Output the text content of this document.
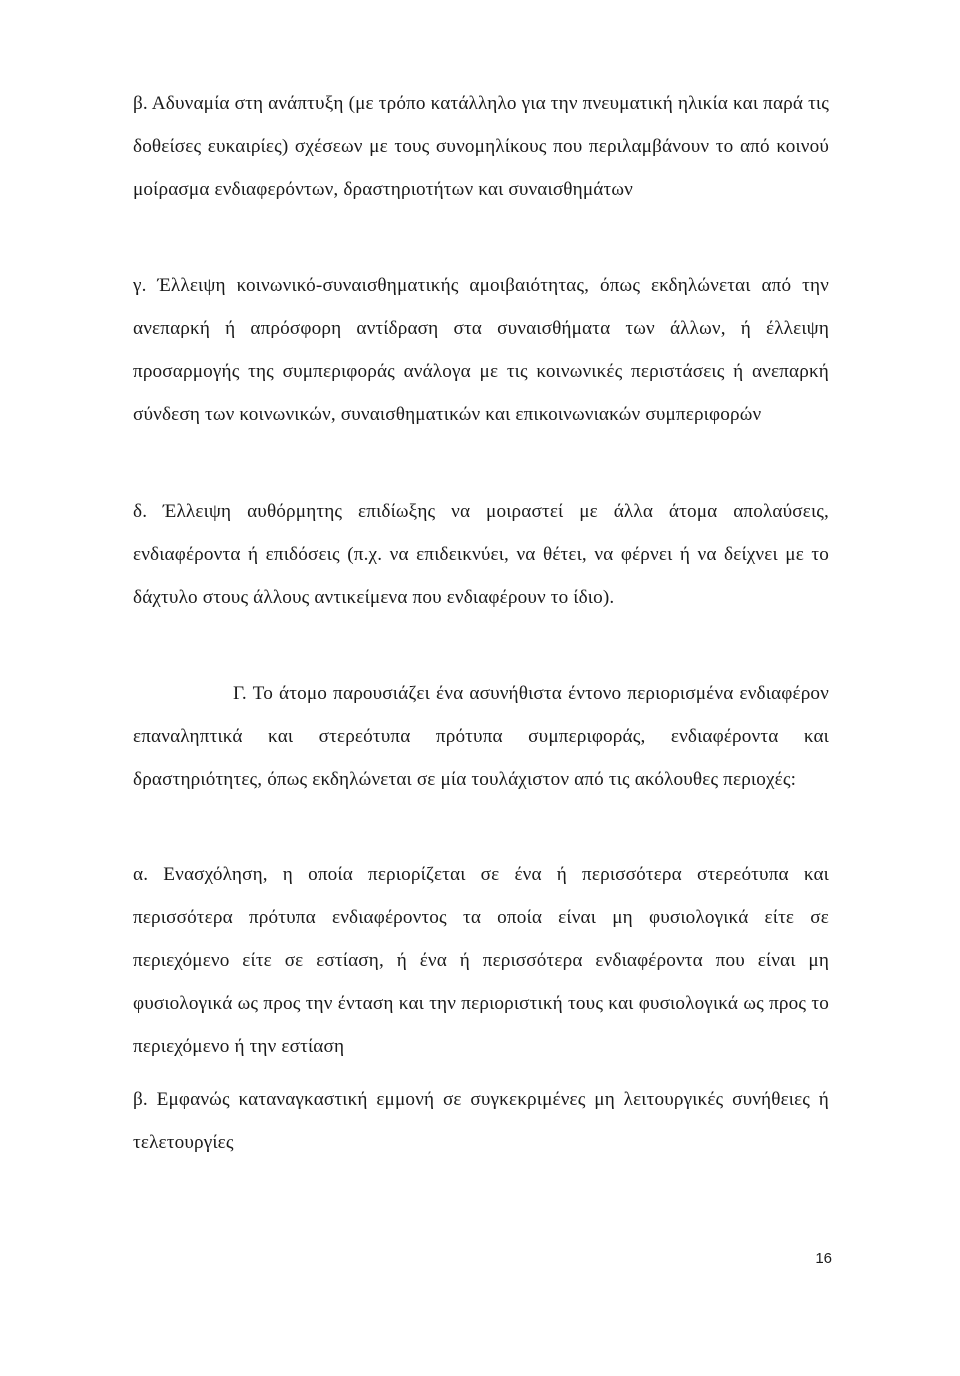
β. Αδυναμία στη ανάπτυξη (με τρόπο κατάλληλο για την πνευματική ηλικία και παρά τις δοθείσες ευκαιρίες) σχέσεων με τους συνομηλίκους που περιλαμβάνουν το από κοινού μοίρασμα ενδιαφερόντων, δραστηριοτήτων και συναισθημάτων

γ. Έλλειψη κοινωνικό-συναισθηματικής αμοιβαιότητας, όπως εκδηλώνεται από την ανεπαρκή ή απρόσφορη αντίδραση στα συναισθήματα των άλλων, ή έλλειψη προσαρμογής της συμπεριφοράς ανάλογα με τις κοινωνικές περιστάσεις ή ανεπαρκή σύνδεση των κοινωνικών, συναισθηματικών και επικοινωνιακών συμπεριφορών

δ. Έλλειψη αυθόρμητης επιδίωξης να μοιραστεί με άλλα άτομα απολαύσεις, ενδιαφέροντα ή επιδόσεις (π.χ. να επιδεικνύει, να θέτει, να φέρνει ή να δείχνει με το δάχτυλο στους άλλους αντικείμενα που ενδιαφέρουν το ίδιο).

Γ. Το άτομο παρουσιάζει ένα ασυνήθιστα έντονο περιορισμένα ενδιαφέρον επαναληπτικά και στερεότυπα πρότυπα συμπεριφοράς, ενδιαφέροντα και δραστηριότητες, όπως εκδηλώνεται σε μία τουλάχιστον από τις ακόλουθες περιοχές:

α. Ενασχόληση, η οποία περιορίζεται σε ένα ή περισσότερα στερεότυπα και περισσότερα πρότυπα ενδιαφέροντος τα οποία είναι μη φυσιολογικά είτε σε περιεχόμενο είτε σε εστίαση, ή ένα ή περισσότερα ενδιαφέροντα που είναι μη φυσιολογικά ως προς την ένταση και την περιοριστική τους και φυσιολογικά ως προς το περιεχόμενο ή την εστίαση

β. Εμφανώς καταναγκαστική εμμονή σε συγκεκριμένες μη λειτουργικές συνήθειες ή τελετουργίες

16
